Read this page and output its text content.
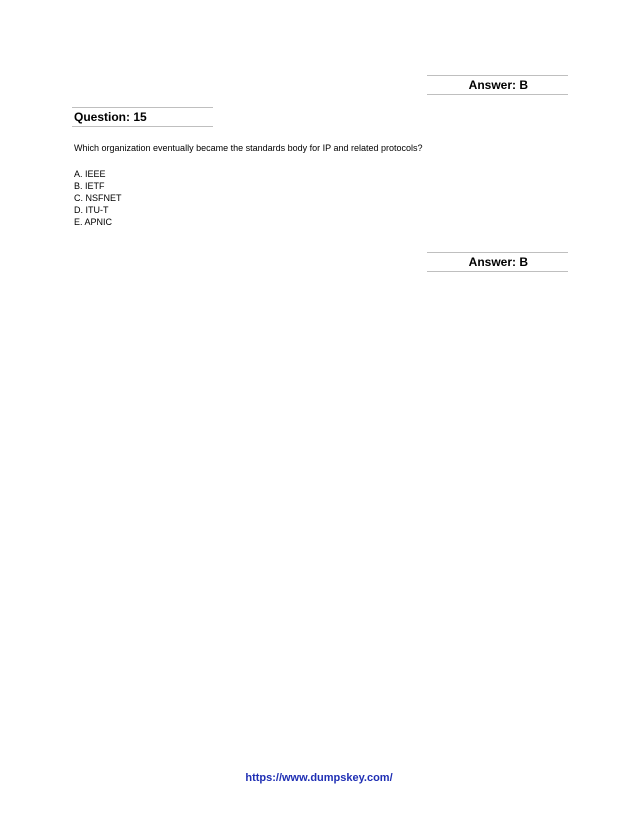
Answer: B
Question: 15
Which organization eventually became the standards body for IP and related protocols?
A. IEEE
B. IETF
C. NSFNET
D. ITU-T
E. APNIC
Answer: B
https://www.dumpskey.com/
